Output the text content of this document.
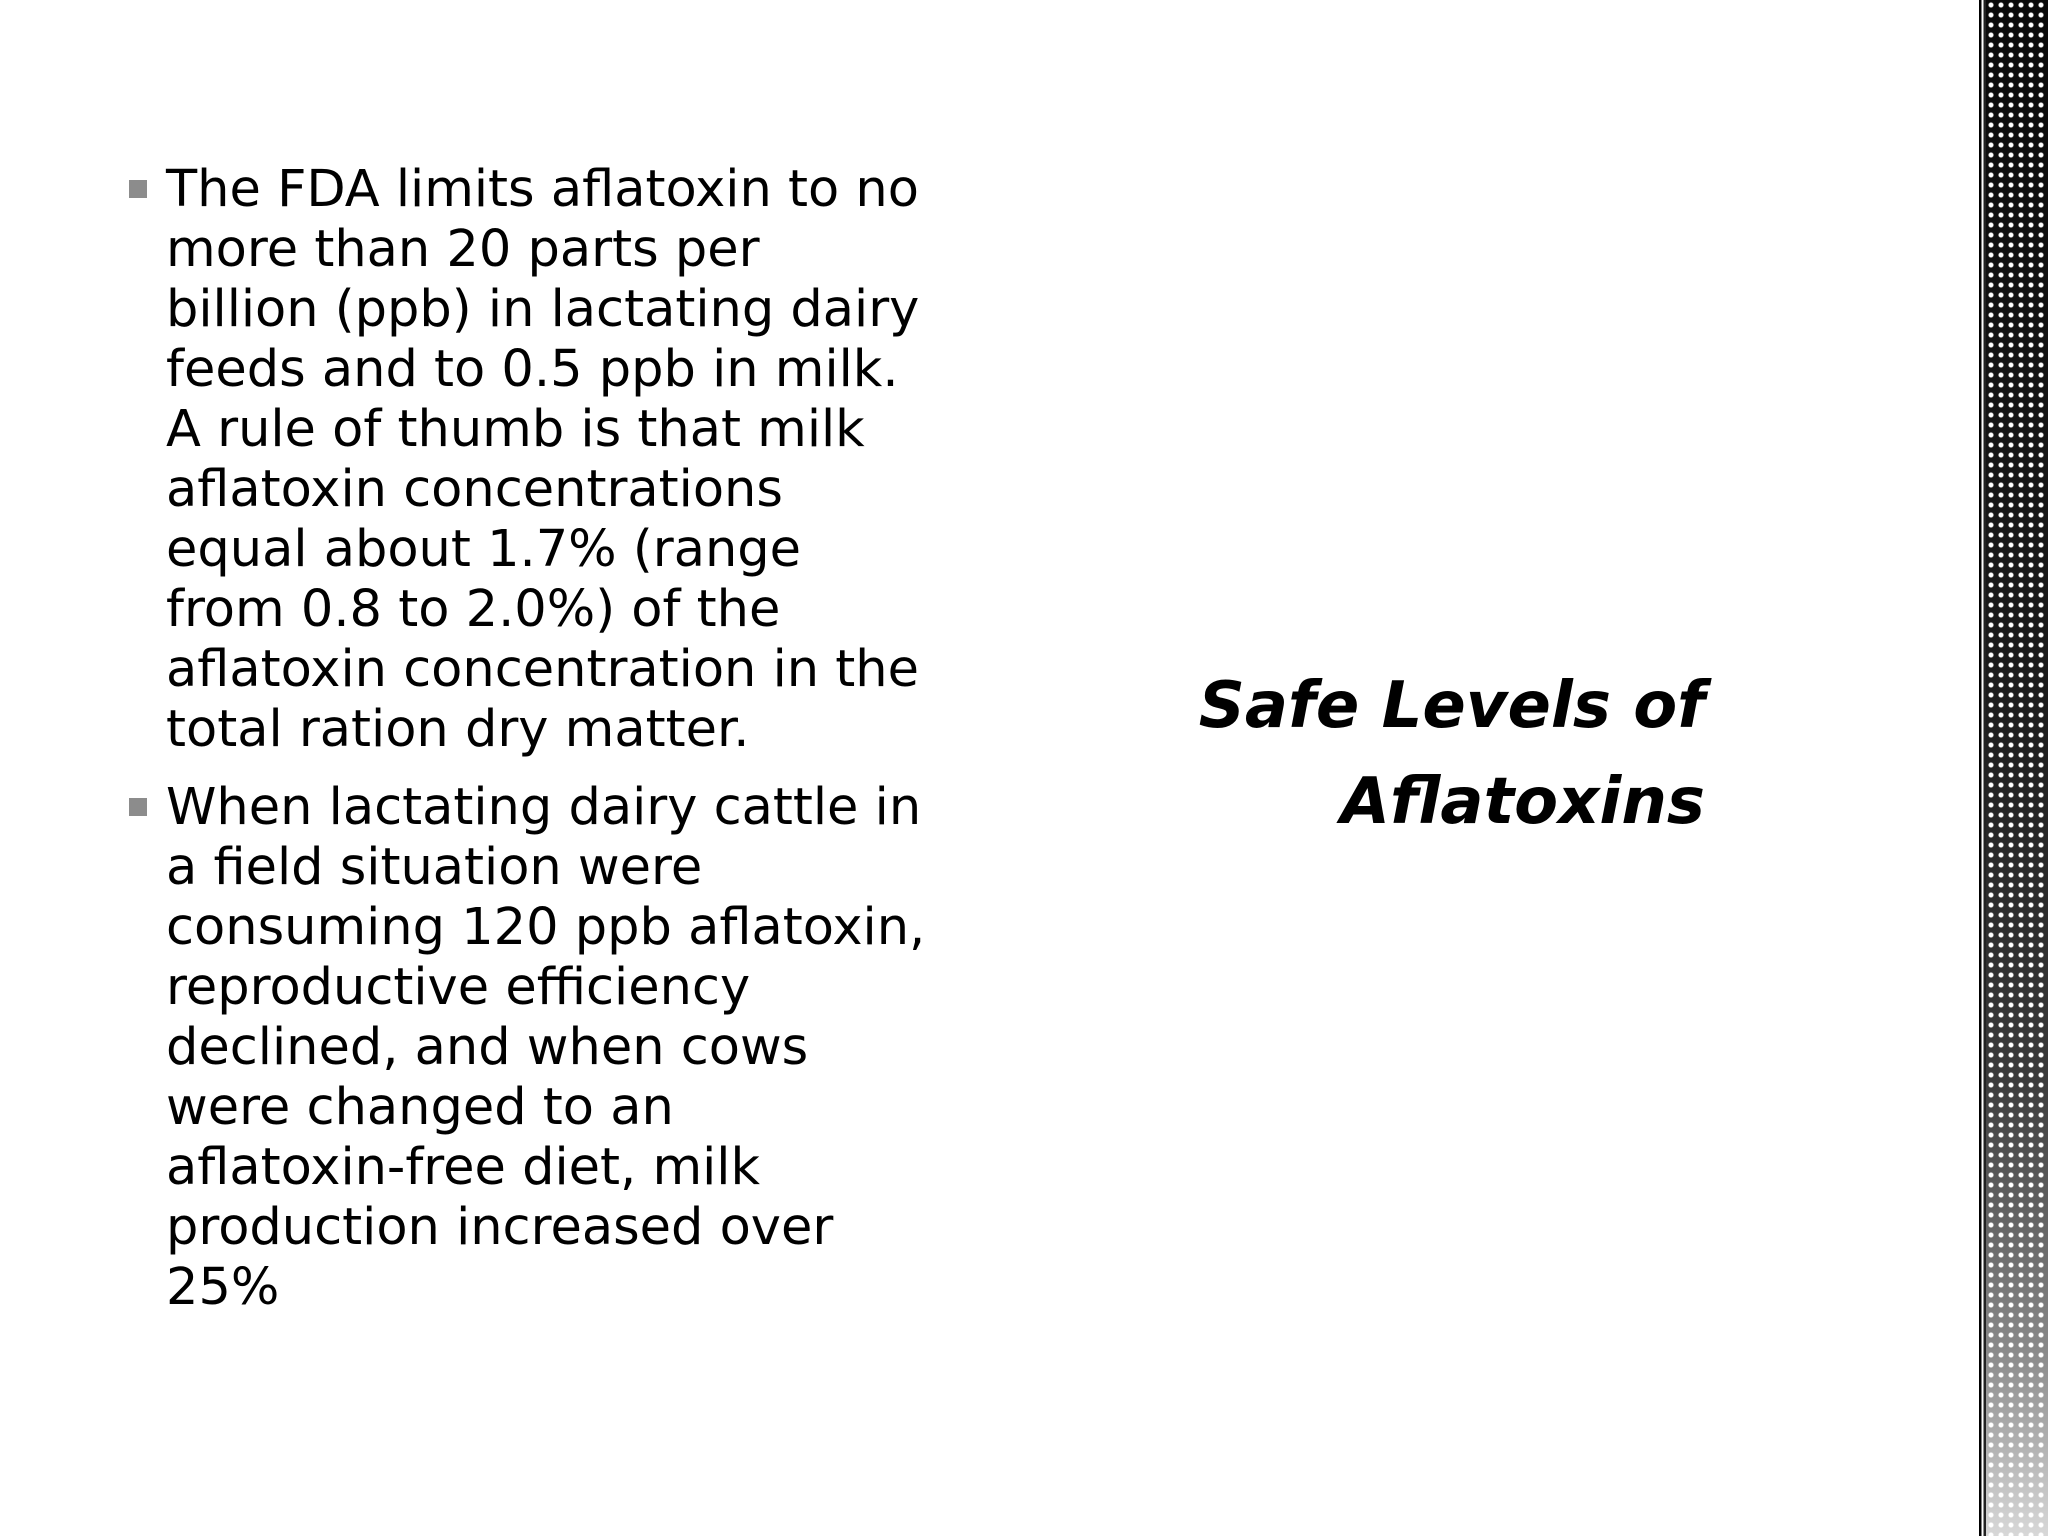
The FDA limits aflatoxin to no more than 20 parts per billion (ppb) in lactating dairy feeds and to 0.5 ppb in milk. A rule of thumb is that milk aflatoxin concentrations equal about 1.7% (range from 0.8 to 2.0%) of the aflatoxin concentration in the total ration dry matter.
When lactating dairy cattle in a field situation were consuming 120 ppb aflatoxin, reproductive efficiency declined, and when cows were changed to an aflatoxin-free diet, milk production increased over 25%
Safe Levels of Aflatoxins
